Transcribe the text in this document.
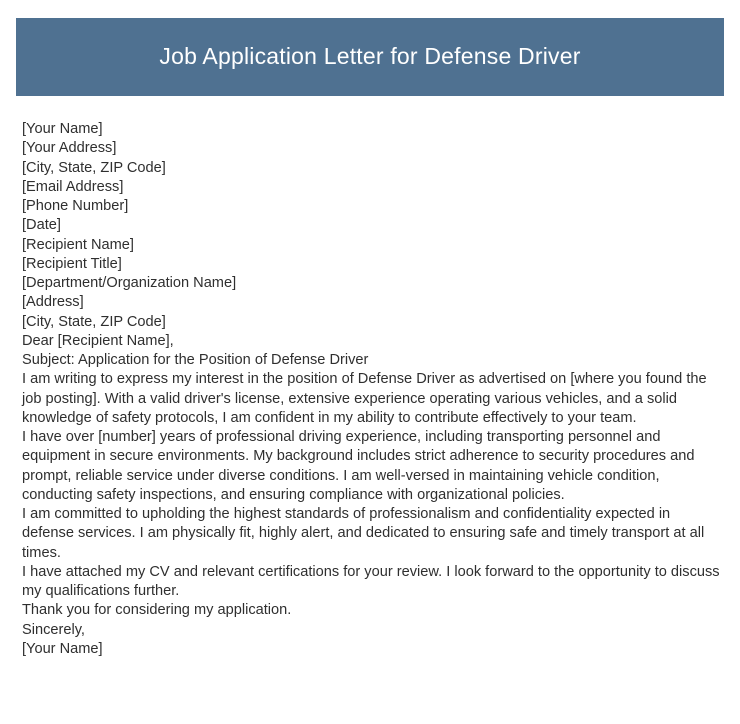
Job Application Letter for Defense Driver
[Your Name]
[Your Address]
[City, State, ZIP Code]
[Email Address]
[Phone Number]
[Date]
[Recipient Name]
[Recipient Title]
[Department/Organization Name]
[Address]
[City, State, ZIP Code]
Dear [Recipient Name],
Subject: Application for the Position of Defense Driver
I am writing to express my interest in the position of Defense Driver as advertised on [where you found the job posting]. With a valid driver's license, extensive experience operating various vehicles, and a solid knowledge of safety protocols, I am confident in my ability to contribute effectively to your team.
I have over [number] years of professional driving experience, including transporting personnel and equipment in secure environments. My background includes strict adherence to security procedures and prompt, reliable service under diverse conditions. I am well-versed in maintaining vehicle condition, conducting safety inspections, and ensuring compliance with organizational policies.
I am committed to upholding the highest standards of professionalism and confidentiality expected in defense services. I am physically fit, highly alert, and dedicated to ensuring safe and timely transport at all times.
I have attached my CV and relevant certifications for your review. I look forward to the opportunity to discuss my qualifications further.
Thank you for considering my application.
Sincerely,
[Your Name]
